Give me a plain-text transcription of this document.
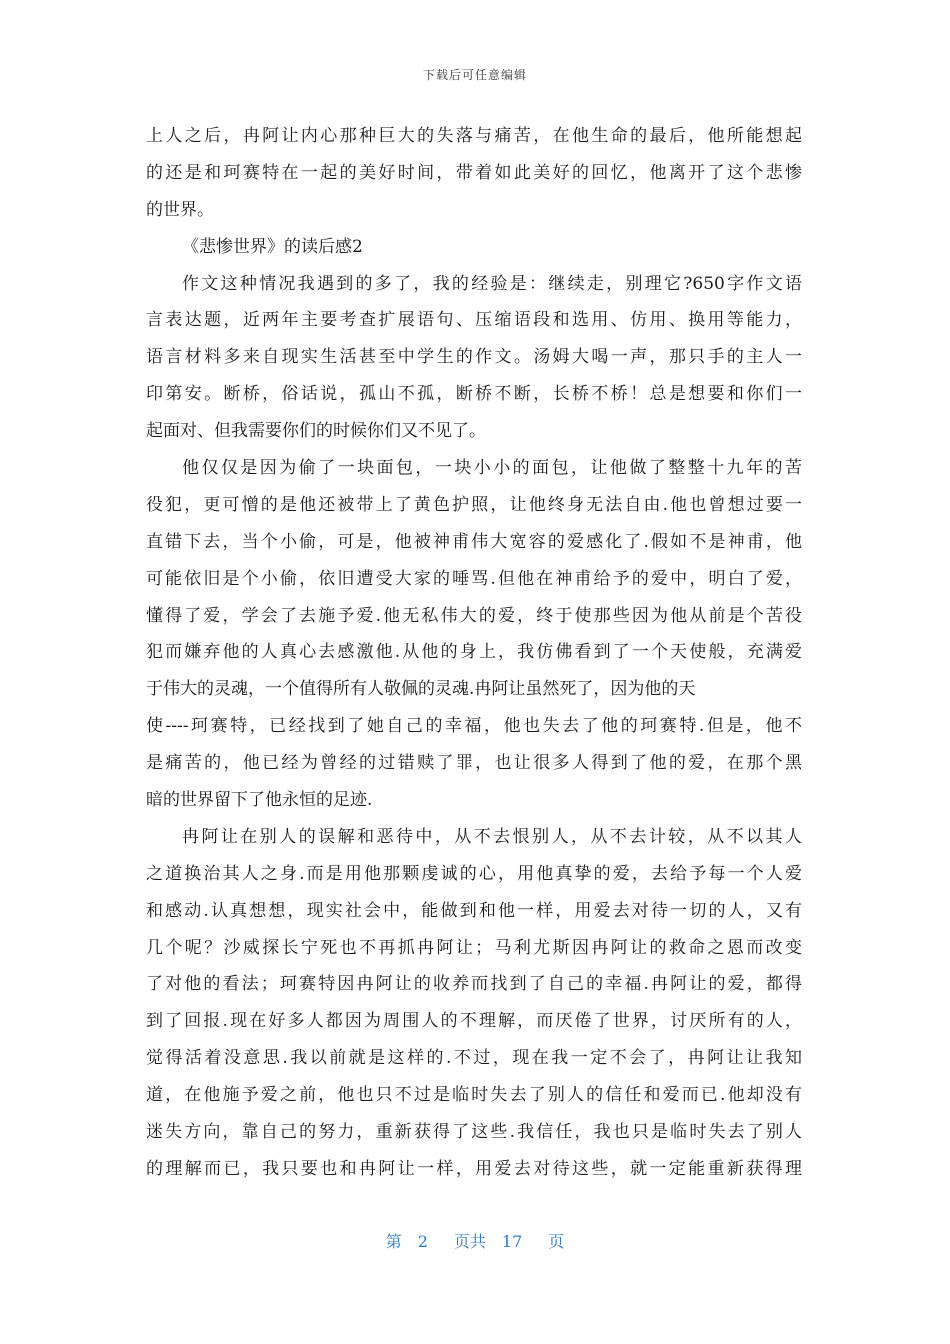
下载后可任意编辑
上人之后，冉阿让内心那种巨大的失落与痛苦，在他生命的最后，他所能想起
的还是和珂赛特在一起的美好时间，带着如此美好的回忆，他离开了这个悲惨
的世界。
《悲惨世界》的读后感2
作文这种情况我遇到的多了，我的经验是：继续走，别理它?650字作文语
言表达题，近两年主要考查扩展语句、压缩语段和选用、仿用、换用等能力，
语言材料多来自现实生活甚至中学生的作文。汤姆大喝一声，那只手的主人一
印第安。断桥，俗话说，孤山不孤，断桥不断，长桥不桥！总是想要和你们一
起面对、但我需要你们的时候你们又不见了。
他仅仅是因为偷了一块面包，一块小小的面包，让他做了整整十九年的苦
役犯，更可憎的是他还被带上了黄色护照，让他终身无法自由.他也曾想过要一
直错下去，当个小偷，可是，他被神甫伟大宽容的爱感化了.假如不是神甫，他
可能依旧是个小偷，依旧遭受大家的唾骂.但他在神甫给予的爱中，明白了爱，
懂得了爱，学会了去施予爱.他无私伟大的爱，终于使那些因为他从前是个苦役
犯而嫌弃他的人真心去感激他.从他的身上，我仿佛看到了一个天使般，充满爱
于伟大的灵魂，一个值得所有人敬佩的灵魂.冉阿让虽然死了，因为他的天
使----珂赛特，已经找到了她自己的幸福，他也失去了他的珂赛特.但是，他不
是痛苦的，他已经为曾经的过错赎了罪，也让很多人得到了他的爱，在那个黑
暗的世界留下了他永恒的足迹.
冉阿让在别人的误解和恶待中，从不去恨别人，从不去计较，从不以其人
之道换治其人之身.而是用他那颗虔诚的心，用他真挚的爱，去给予每一个人爱
和感动.认真想想，现实社会中，能做到和他一样，用爱去对待一切的人，又有
几个呢？沙威探长宁死也不再抓冉阿让；马利尤斯因冉阿让的救命之恩而改变
了对他的看法；珂赛特因冉阿让的收养而找到了自己的幸福.冉阿让的爱，都得
到了回报.现在好多人都因为周围人的不理解，而厌倦了世界，讨厌所有的人，
觉得活着没意思.我以前就是这样的.不过，现在我一定不会了，冉阿让让我知
道，在他施予爱之前，他也只不过是临时失去了别人的信任和爱而已.他却没有
迷失方向，靠自己的努力，重新获得了这些.我信任，我也只是临时失去了别人
的理解而已，我只要也和冉阿让一样，用爱去对待这些，就一定能重新获得理
第 2 页共 17 页
